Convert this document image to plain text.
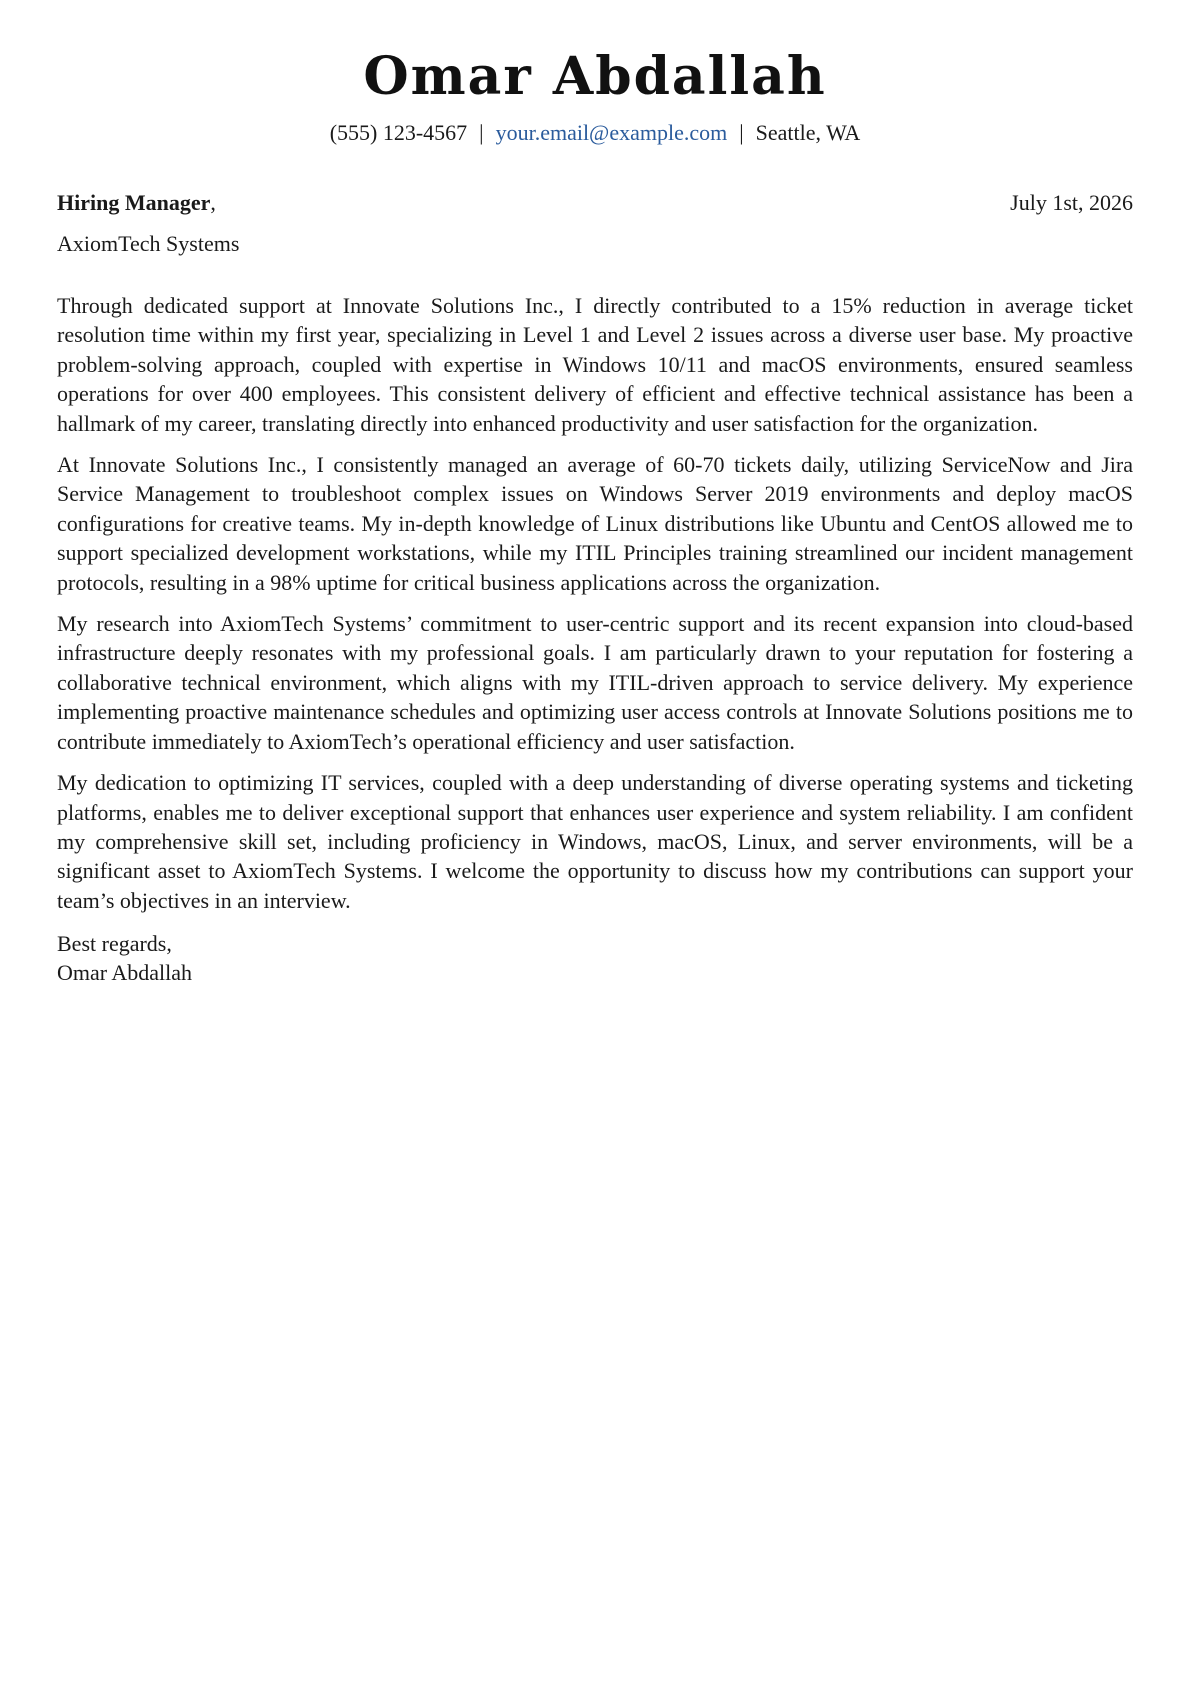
Omar Abdallah
(555) 123-4567 | your.email@example.com | Seattle, WA
Hiring Manager,	July 1st, 2026
AxiomTech Systems

Through dedicated support at Innovate Solutions Inc., I directly contributed to a 15% reduction in average ticket resolution time within my first year, specializing in Level 1 and Level 2 issues across a diverse user base. My proactive problem-solving approach, coupled with expertise in Windows 10/11 and macOS environments, ensured seamless operations for over 400 employees. This consistent delivery of efficient and effective technical assistance has been a hallmark of my career, translating directly into enhanced productivity and user satisfaction for the organization.

At Innovate Solutions Inc., I consistently managed an average of 60-70 tickets daily, utilizing ServiceNow and Jira Service Management to troubleshoot complex issues on Windows Server 2019 environments and deploy macOS configurations for creative teams. My in-depth knowledge of Linux distributions like Ubuntu and CentOS allowed me to support specialized development workstations, while my ITIL Principles training streamlined our incident management protocols, resulting in a 98% uptime for critical business applications across the organization.

My research into AxiomTech Systems’ commitment to user-centric support and its recent expansion into cloud-based infrastructure deeply resonates with my professional goals. I am particularly drawn to your reputation for fostering a collaborative technical environment, which aligns with my ITIL-driven approach to service delivery. My experience implementing proactive maintenance schedules and optimizing user access controls at Innovate Solutions positions me to contribute immediately to AxiomTech’s operational efficiency and user satisfaction.

My dedication to optimizing IT services, coupled with a deep understanding of diverse operating systems and ticketing platforms, enables me to deliver exceptional support that enhances user experience and system reliability. I am confident my comprehensive skill set, including proficiency in Windows, macOS, Linux, and server environments, will be a significant asset to AxiomTech Systems. I welcome the opportunity to discuss how my contributions can support your team’s objectives in an interview.

Best regards,
Omar Abdallah
